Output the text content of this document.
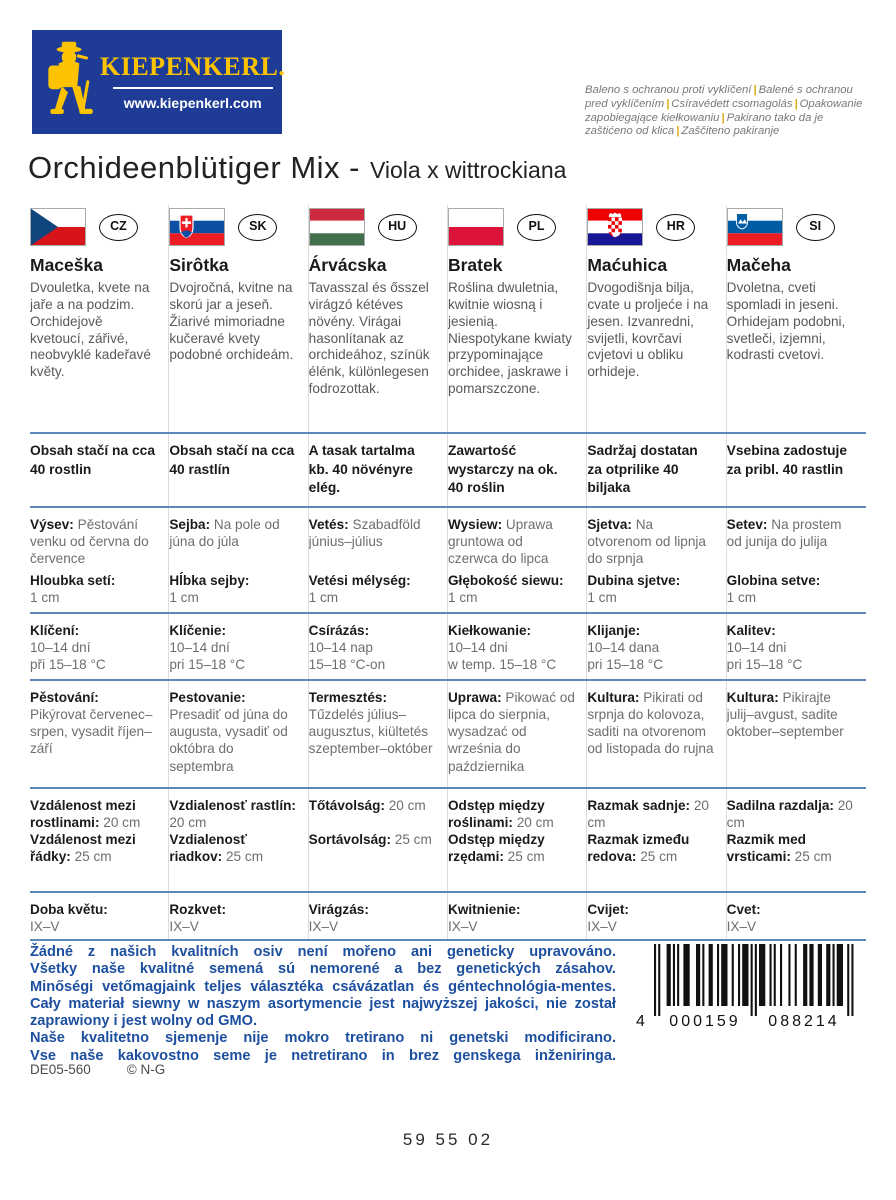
KIEPENKERL.
www.kiepenkerl.com
Baleno s ochranou proti vyklíčení | Balené s ochranou pred vyklíčením | Csíravédett csomagolás | Opakowanie zapobiegające kiełkowaniu | Pakirano tako da je zaštićeno od klica | Zaščiteno pakiranje
Orchideenblütiger Mix - Viola x wittrockiana
CZ
Maceška
Dvouletka, kvete na jaře a na podzim. Orchidejově kvetoucí, zářivé, neobvyklé kadeřavé květy.
SK
Sirôtka
Dvojročná, kvitne na skorú jar a jeseň. Žiarivé mimoriadne kučeravé kvety podobné orchideám.
HU
Árvácska
Tavasszal és ősszel virágzó kétéves növény. Virágai hasonlítanak az orchideához, színük élénk, különlegesen fodrozottak.
PL
Bratek
Roślina dwuletnia, kwitnie wiosną i jesienią. Niespotykane kwiaty przypominające orchidee, jaskrawe i pomarszczone.
HR
Maćuhica
Dvogodišnja bilja, cvate u proljeće i na jesen. Izvanredni, svijetli, kovrčavi cvjetovi u obliku orhideje.
SI
Mačeha
Dvoletna, cveti spomladi in jeseni. Orhidejam podobni, svetleči, izjemni, kodrasti cvetovi.
Obsah stačí na cca 40 rostlin
Obsah stačí na cca 40 rastlín
A tasak tartalma kb. 40 növényre elég.
Zawartość wystarczy na ok. 40 roślin
Sadržaj dostatan za otprilike 40 biljaka
Vsebina zadostuje za pribl. 40 rastlin
Výsev: Pěstování venku od června do července
Hloubka setí:
1 cm
Sejba: Na pole od júna do júla
Hĺbka sejby:
1 cm
Vetés: Szabadföld június–július
Vetési mélység:
1 cm
Wysiew: Uprawa gruntowa od czerwca do lipca
Głębokość siewu:
1 cm
Sjetva: Na otvorenom od lipnja do srpnja
Dubina sjetve:
1 cm
Setev: Na prostem od junija do julija
Globina setve:
1 cm
Klíčení:
10–14 dní
při 15–18 °C
Klíčenie:
10–14 dní
pri 15–18 °C
Csírázás:
10–14 nap
15–18 °C-on
Kiełkowanie:
10–14 dni
w temp. 15–18 °C
Klijanje:
10–14 dana
pri 15–18 °C
Kalitev:
10–14 dni
pri 15–18 °C
Pěstování: Pikýrovat červenec–srpen, vysadit říjen–září
Pestovanie: Presadiť od júna do augusta, vysadiť od októbra do septembra
Termesztés: Tűzdelés július–augusztus, kiültetés szeptember–október
Uprawa: Pikować od lipca do sierpnia, wysadzać od września do października
Kultura: Pikirati od srpnja do kolovoza, saditi na otvorenom od listopada do rujna
Kultura: Pikirajte julij–avgust, sadite oktober–september
Vzdálenost mezi rostlinami: 20 cm
Vzdálenost mezi řádky: 25 cm
Vzdialenosť rastlín: 20 cm
Vzdialenosť riadkov: 25 cm
Tőtávolság: 20 cm
Sortávolság: 25 cm
Odstęp między roślinami: 20 cm
Odstęp między rzędami: 25 cm
Razmak sadnje: 20 cm
Razmak između redova: 25 cm
Sadilna razdalja: 20 cm
Razmik med vrsticami: 25 cm
Doba květu:
IX–V
Rozkvet:
IX–V
Virágzás:
IX–V
Kwitnienie:
IX–V
Cvijet:
IX–V
Cvet:
IX–V
Žádné z našich kvalitních osiv není mořeno ani geneticky upravováno.
Všetky naše kvalitné semená sú nemorené a bez genetických zásahov.
Minőségi vetőmagjaink teljes választéka csávázatlan és géntechnológia-mentes.
Cały materiał siewny w naszym asortymencie jest najwyższej jakości, nie został zaprawiony i jest wolny od GMO.
Naše kvalitetno sjemenje nije mokro tretirano ni genetski modificirano.
Vse naše kakovostno seme je netretirano in brez genskega inženiringa.
4 000159 088214
DE05-560	© N-G
59 55 02
